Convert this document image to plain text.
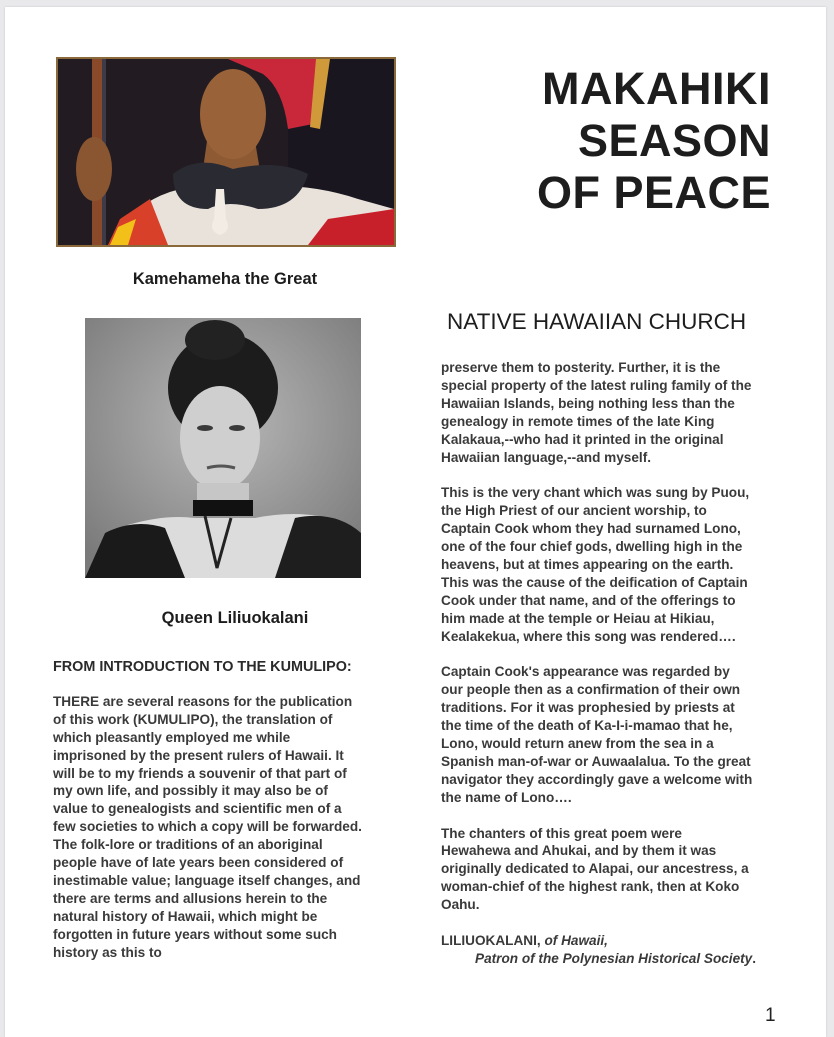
Kamehameha the Great
Queen Liliuokalani
MAKAHIKI
SEASON
OF PEACE
NATIVE HAWAIIAN CHURCH
FROM INTRODUCTION TO THE KUMULIPO:
THERE are several reasons for the publication
of this work (KUMULIPO), the translation of
which pleasantly employed me while
imprisoned by the present rulers of Hawaii. It
will be to my friends a souvenir of that part of
my own life, and possibly it may also be of
value to genealogists and scientific men of a
few societies to which a copy will be forwarded.
The folk-lore or traditions of an aboriginal
people have of late years been considered of
inestimable value; language itself changes, and
there are terms and allusions herein to the
natural history of Hawaii, which might be
forgotten in future years without some such
history as this to

preserve them to posterity. Further, it is the
special property of the latest ruling family of the
Hawaiian Islands, being nothing less than the
genealogy in remote times of the late King
Kalakaua,--who had it printed in the original
Hawaiian language,--and myself.

This is the very chant which was sung by Puou,
the High Priest of our ancient worship, to
Captain Cook whom they had surnamed Lono,
one of the four chief gods, dwelling high in the
heavens, but at times appearing on the earth.
This was the cause of the deification of Captain
Cook under that name, and of the offerings to
him made at the temple or Heiau at Hikiau,
Kealakekua, where this song was rendered….

Captain Cook's appearance was regarded by
our people then as a confirmation of their own
traditions. For it was prophesied by priests at
the time of the death of Ka-I-i-mamao that he,
Lono, would return anew from the sea in a
Spanish man-of-war or Auwaalalua. To the great
navigator they accordingly gave a welcome with
the name of Lono….

The chanters of this great poem were
Hewahewa and Ahukai, and by them it was
originally dedicated to Alapai, our ancestress, a
woman-chief of the highest rank, then at Koko
Oahu.

LILIUOKALANI, of Hawaii,
Patron of the Polynesian Historical Society.
1
